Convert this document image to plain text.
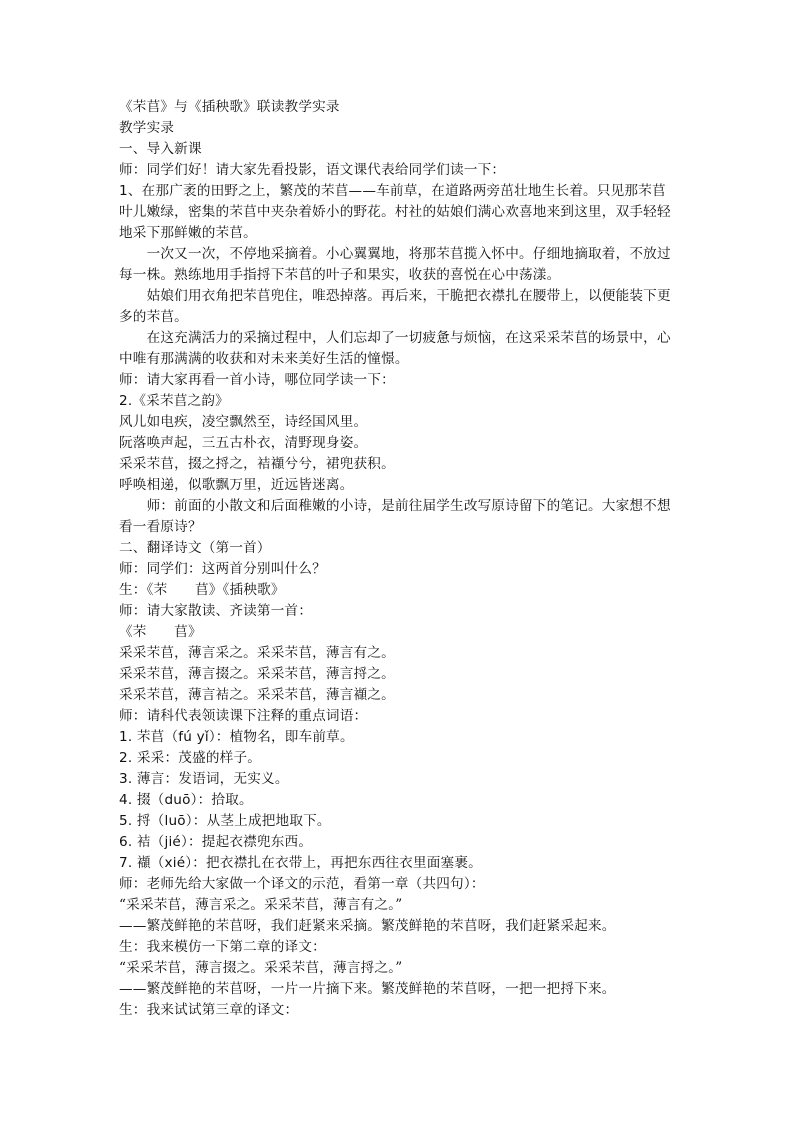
《芣苢》与《插秧歌》联读教学实录
教学实录
一、导入新课
师：同学们好！请大家先看投影，语文课代表给同学们读一下：
1、在那广袤的田野之上，繁茂的芣苢——车前草，在道路两旁茁壮地生长着。只见那芣苢
叶儿嫩绿，密集的芣苢中夹杂着娇小的野花。村社的姑娘们满心欢喜地来到这里，双手轻轻
地采下那鲜嫩的芣苢。
　　一次又一次，不停地采摘着。小心翼翼地，将那芣苢揽入怀中。仔细地摘取着，不放过
每一株。熟练地用手指捋下芣苢的叶子和果实，收获的喜悦在心中荡漾。
　　姑娘们用衣角把芣苢兜住，唯恐掉落。再后来，干脆把衣襟扎在腰带上，以便能装下更
多的芣苢。
　　在这充满活力的采摘过程中，人们忘却了一切疲惫与烦恼，在这采采芣苢的场景中，心
中唯有那满满的收获和对未来美好生活的憧憬。
师：请大家再看一首小诗，哪位同学读一下：
2.《采芣苢之韵》
风儿如电疾，凌空飘然至，诗经国风里。
阮落唤声起，三五古朴衣，清野现身姿。
采采芣苢，掇之捋之，袺襭兮兮，裙兜获积。
呼唤相递，似歌飘万里，近远皆迷离。
　　师：前面的小散文和后面稚嫩的小诗，是前往届学生改写原诗留下的笔记。大家想不想
看一看原诗？
二、翻译诗文（第一首）
师：同学们：这两首分别叫什么？
生：《芣　　苢》《插秧歌》
师：请大家散读、齐读第一首：
《芣　　苢》
采采芣苢，薄言采之。采采芣苢，薄言有之。
采采芣苢，薄言掇之。采采芣苢，薄言捋之。
采采芣苢，薄言袺之。采采芣苢，薄言襭之。
师：请科代表领读课下注释的重点词语：
1. 芣苢（fú yǐ）：植物名，即车前草。
2. 采采：茂盛的样子。
3. 薄言：发语词，无实义。
4. 掇（duō）：拾取。
5. 捋（luō）：从茎上成把地取下。
6. 袺（jié）：提起衣襟兜东西。
7. 襭（xié）：把衣襟扎在衣带上，再把东西往衣里面塞裹。
师：老师先给大家做一个译文的示范，看第一章（共四句）：
“采采芣苢，薄言采之。采采芣苢，薄言有之。”
——繁茂鲜艳的芣苢呀，我们赶紧来采摘。繁茂鲜艳的芣苢呀，我们赶紧采起来。
生：我来模仿一下第二章的译文：
“采采芣苢，薄言掇之。采采芣苢，薄言捋之。”
——繁茂鲜艳的芣苢呀，一片一片摘下来。繁茂鲜艳的芣苢呀，一把一把捋下来。
生：我来试试第三章的译文：
